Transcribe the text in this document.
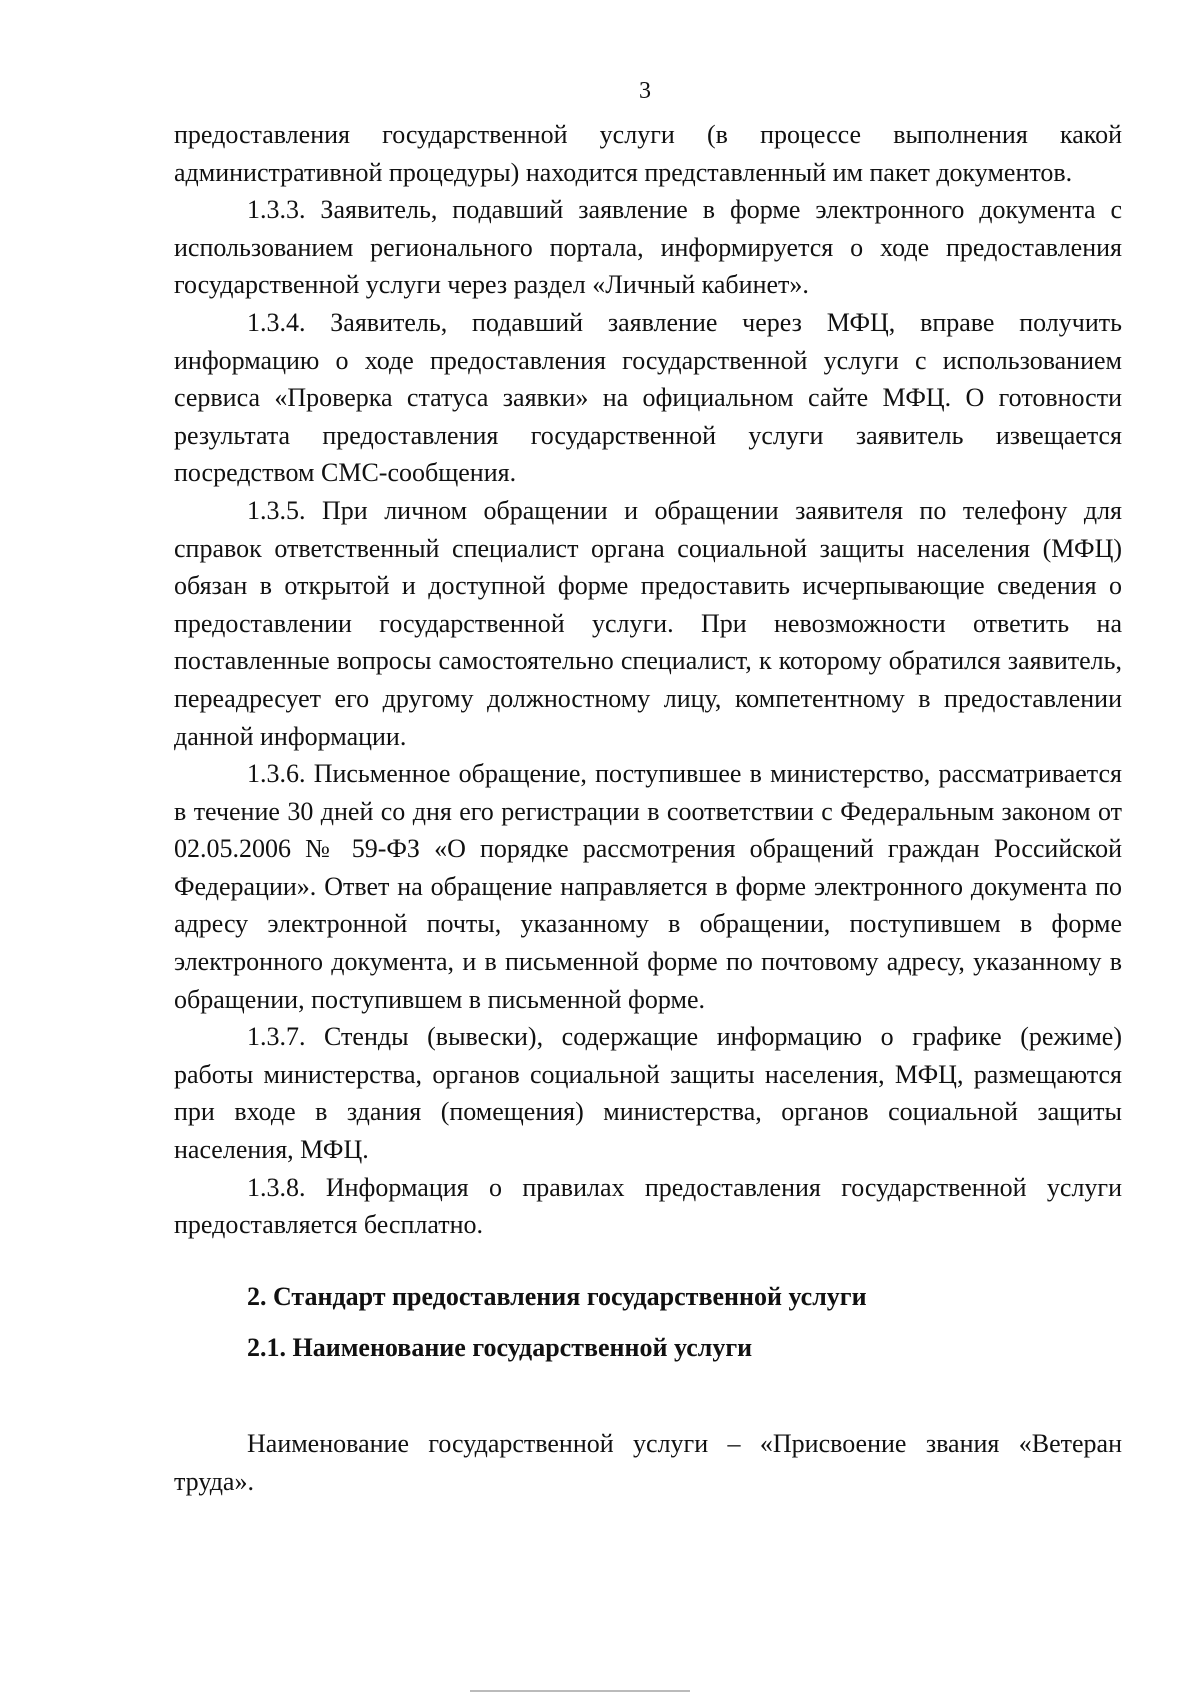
3

предоставления государственной услуги (в процессе выполнения какой административной процедуры) находится представленный им пакет документов.

1.3.3. Заявитель, подавший заявление в форме электронного документа с использованием регионального портала, информируется о ходе предоставления государственной услуги через раздел «Личный кабинет».

1.3.4. Заявитель, подавший заявление через МФЦ, вправе получить информацию о ходе предоставления государственной услуги с использованием сервиса «Проверка статуса заявки» на официальном сайте МФЦ. О готовности результата предоставления государственной услуги заявитель извещается посредством СМС-сообщения.

1.3.5. При личном обращении и обращении заявителя по телефону для справок ответственный специалист органа социальной защиты населения (МФЦ) обязан в открытой и доступной форме предоставить исчерпывающие сведения о предоставлении государственной услуги. При невозможности ответить на поставленные вопросы самостоятельно специалист, к которому обратился заявитель, переадресует его другому должностному лицу, компетентному в предоставлении данной информации.

1.3.6. Письменное обращение, поступившее в министерство, рассматривается в течение 30 дней со дня его регистрации в соответствии с Федеральным законом от 02.05.2006 № 59-ФЗ «О порядке рассмотрения обращений граждан Российской Федерации». Ответ на обращение направляется в форме электронного документа по адресу электронной почты, указанному в обращении, поступившем в форме электронного документа, и в письменной форме по почтовому адресу, указанному в обращении, поступившем в письменной форме.

1.3.7. Стенды (вывески), содержащие информацию о графике (режиме) работы министерства, органов социальной защиты населения, МФЦ, размещаются при входе в здания (помещения) министерства, органов социальной защиты населения, МФЦ.

1.3.8. Информация о правилах предоставления государственной услуги предоставляется бесплатно.

2. Стандарт предоставления государственной услуги
2.1. Наименование государственной услуги

Наименование государственной услуги – «Присвоение звания «Ветеран труда».
